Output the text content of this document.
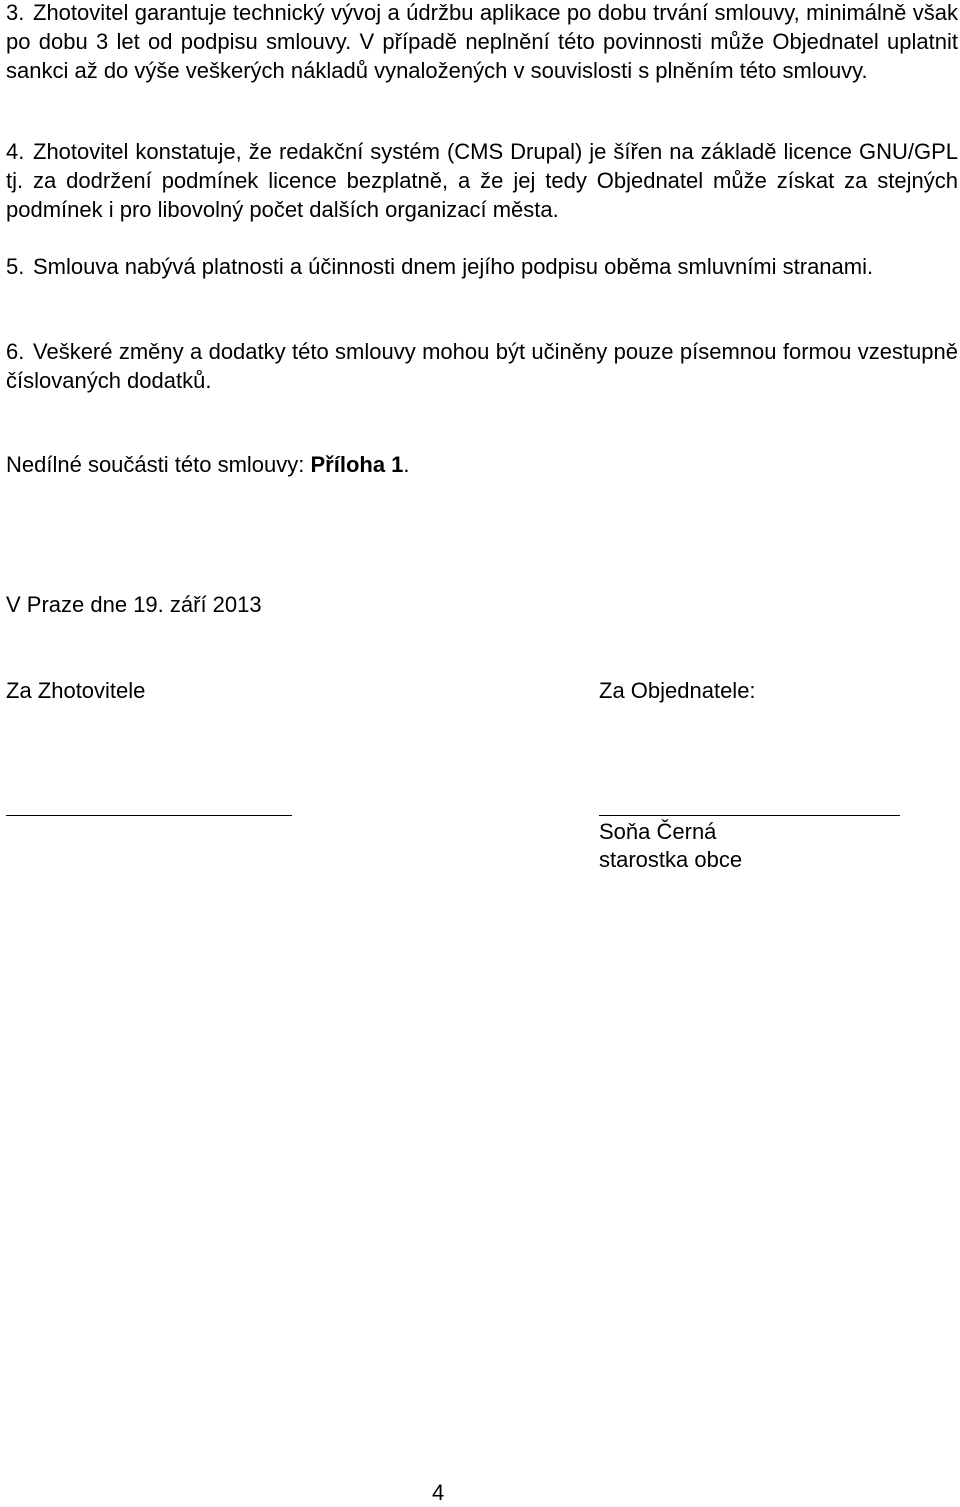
3. Zhotovitel garantuje technický vývoj a údržbu aplikace po dobu trvání smlouvy, minimálně však po dobu 3 let od podpisu smlouvy. V případě neplnění této povinnosti může Objednatel uplatnit sankci až do výše veškerých nákladů vynaložených v souvislosti s plněním této smlouvy.

4. Zhotovitel konstatuje, že redakční systém (CMS Drupal) je šířen na základě licence GNU/GPL tj. za dodržení podmínek licence bezplatně, a že jej tedy Objednatel může získat za stejných podmínek i pro libovolný počet dalších organizací města.

5. Smlouva nabývá platnosti a účinnosti dnem jejího podpisu oběma smluvními stranami.

6. Veškeré změny a dodatky této smlouvy mohou být učiněny pouze písemnou formou vzestupně číslovaných dodatků.

Nedílné součásti této smlouvy: Příloha 1.

V Praze dne 19. září 2013

Za Zhotovitele	Za Objednatele:

Soňa Černá

starostka obce

4
